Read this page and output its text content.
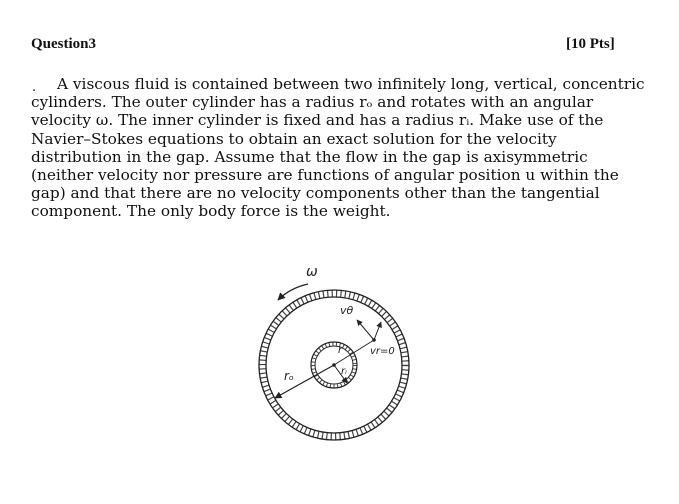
Question3	[10 Pts]
.	A viscous fluid is contained between two infinitely long, vertical, concentric cylinders. The outer cylinder has a radius rₒ and rotates with an angular velocity ω. The inner cylinder is fixed and has a radius rᵢ. Make use of the Navier–Stokes equations to obtain an exact solution for the velocity distribution in the gap. Assume that the flow in the gap is axisymmetric (neither velocity nor pressure are functions of angular position u within the gap) and that there are no velocity components other than the tangential component. The only body force is the weight.

ω
rₒ	rᵢ
r
vθ
vr=0
